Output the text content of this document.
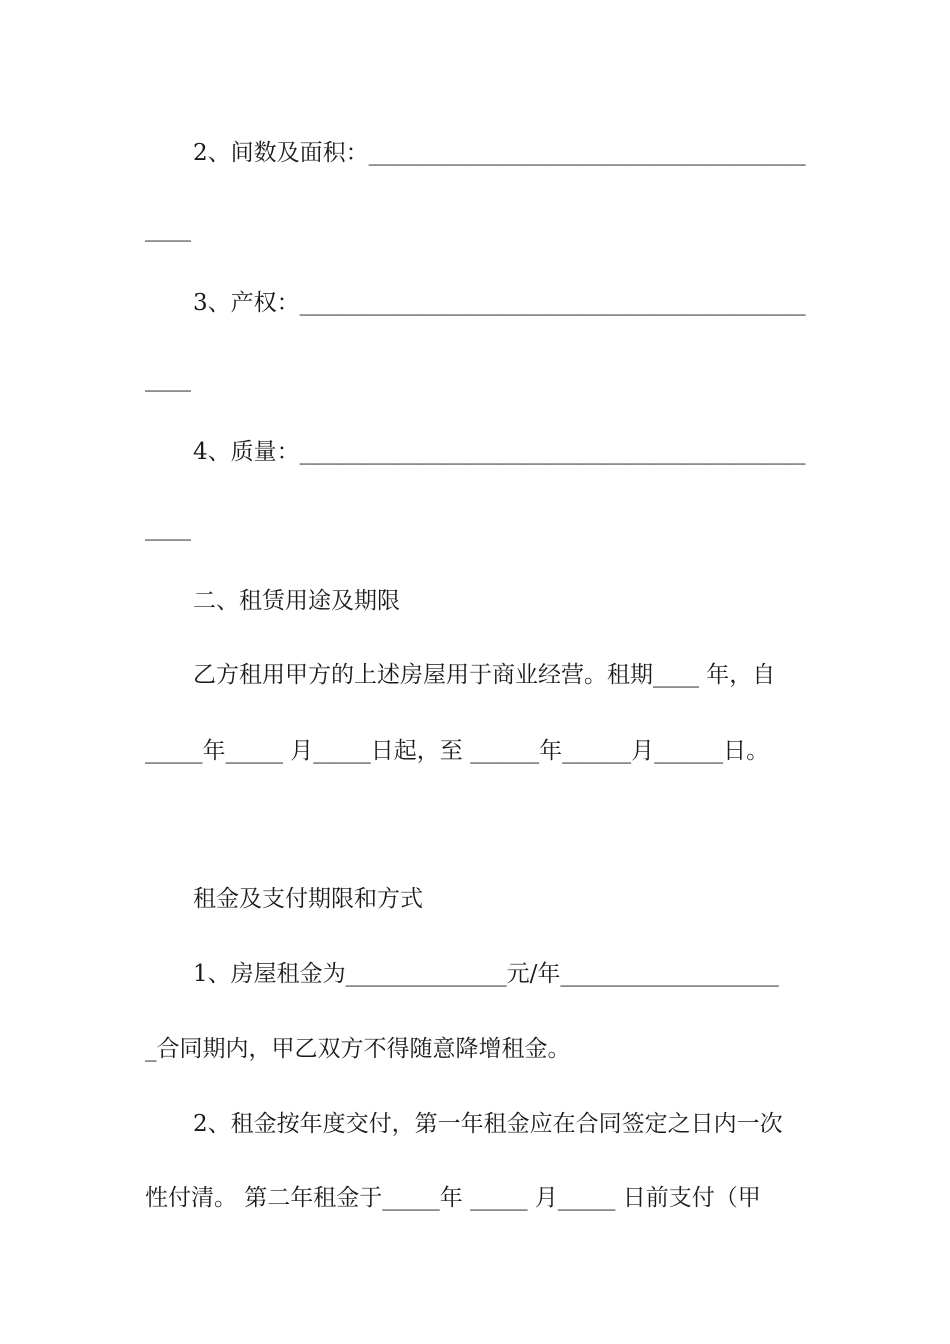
2、间数及面积：______________________________________
____
3、产权：____________________________________________
____
4、质量：____________________________________________
____
二、租赁用途及期限
乙方租用甲方的上述房屋用于商业经营。租期____ 年，自
_____年_____ 月_____日起，至 ______年______月______日。
租金及支付期限和方式
1、房屋租金为______________元/年___________________
_合同期内，甲乙双方不得随意降增租金。
2、租金按年度交付，第一年租金应在合同签定之日内一次
性付清。 第二年租金于_____年 _____ 月_____ 日前支付（甲
